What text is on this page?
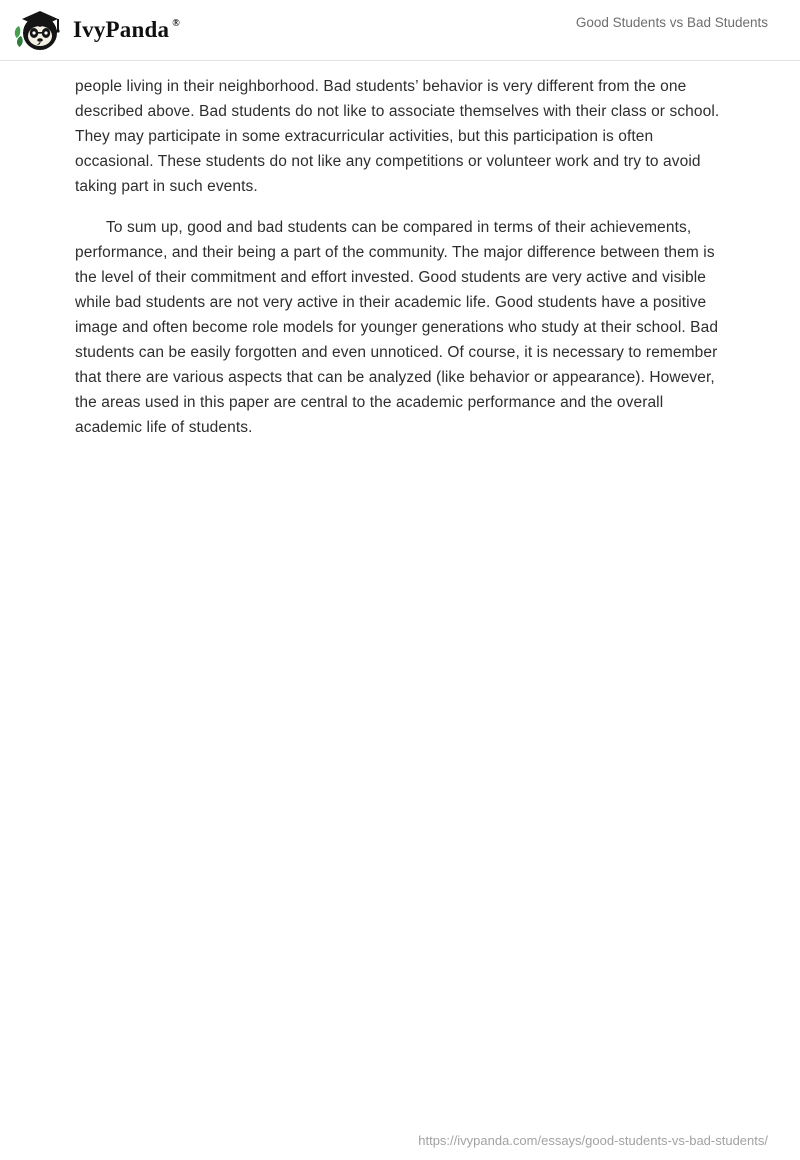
IvyPanda ®	Good Students vs Bad Students

people living in their neighborhood. Bad students’ behavior is very different from the one described above. Bad students do not like to associate themselves with their class or school. They may participate in some extracurricular activities, but this participation is often occasional. These students do not like any competitions or volunteer work and try to avoid taking part in such events.

To sum up, good and bad students can be compared in terms of their achievements, performance, and their being a part of the community. The major difference between them is the level of their commitment and effort invested. Good students are very active and visible while bad students are not very active in their academic life. Good students have a positive image and often become role models for younger generations who study at their school. Bad students can be easily forgotten and even unnoticed. Of course, it is necessary to remember that there are various aspects that can be analyzed (like behavior or appearance). However, the areas used in this paper are central to the academic performance and the overall academic life of students.

https://ivypanda.com/essays/good-students-vs-bad-students/
